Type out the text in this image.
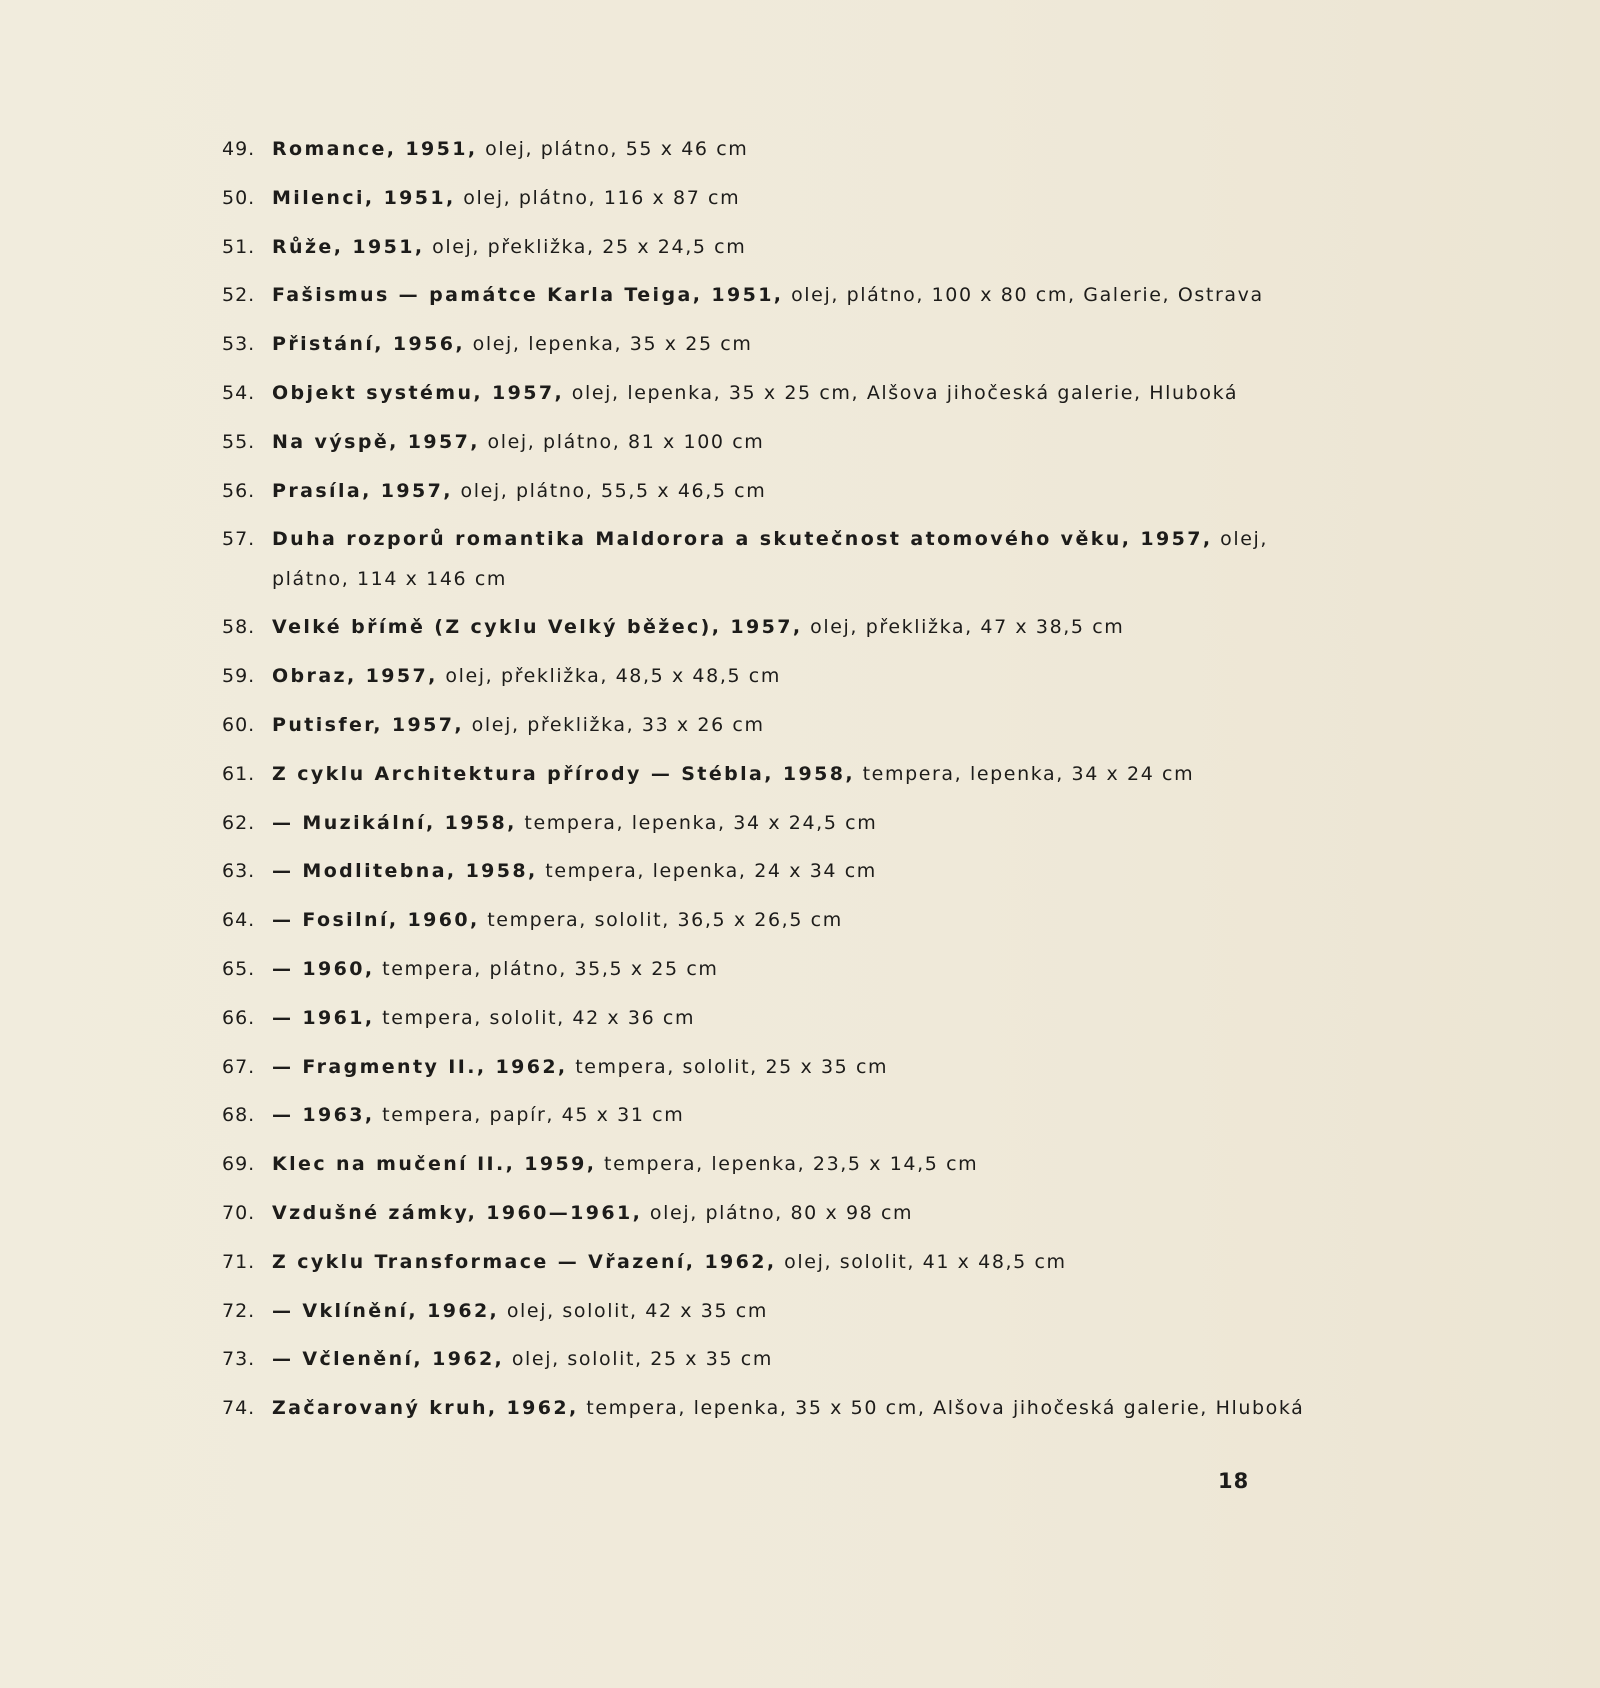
49. Romance, 1951, olej, plátno, 55 x 46 cm
50. Milenci, 1951, olej, plátno, 116 x 87 cm
51. Růže, 1951, olej, překližka, 25 x 24,5 cm
52. Fašismus — památce Karla Teiga, 1951, olej, plátno, 100 x 80 cm, Galerie, Ostrava
53. Přistání, 1956, olej, lepenka, 35 x 25 cm
54. Objekt systému, 1957, olej, lepenka, 35 x 25 cm, Alšova jihočeská galerie, Hluboká
55. Na výspě, 1957, olej, plátno, 81 x 100 cm
56. Prasíla, 1957, olej, plátno, 55,5 x 46,5 cm
57. Duha rozporů romantika Maldorora a skutečnost atomového věku, 1957, olej,
plátno, 114 x 146 cm
58. Velké břímě (Z cyklu Velký běžec), 1957, olej, překližka, 47 x 38,5 cm
59. Obraz, 1957, olej, překližka, 48,5 x 48,5 cm
60. Putisfer, 1957, olej, překližka, 33 x 26 cm
61. Z cyklu Architektura přírody — Stébla, 1958, tempera, lepenka, 34 x 24 cm
62. — Muzikální, 1958, tempera, lepenka, 34 x 24,5 cm
63. — Modlitebna, 1958, tempera, lepenka, 24 x 34 cm
64. — Fosilní, 1960, tempera, sololit, 36,5 x 26,5 cm
65. — 1960, tempera, plátno, 35,5 x 25 cm
66. — 1961, tempera, sololit, 42 x 36 cm
67. — Fragmenty II., 1962, tempera, sololit, 25 x 35 cm
68. — 1963, tempera, papír, 45 x 31 cm
69. Klec na mučení II., 1959, tempera, lepenka, 23,5 x 14,5 cm
70. Vzdušné zámky, 1960—1961, olej, plátno, 80 x 98 cm
71. Z cyklu Transformace — Vřazení, 1962, olej, sololit, 41 x 48,5 cm
72. — Vklínění, 1962, olej, sololit, 42 x 35 cm
73. — Včlenění, 1962, olej, sololit, 25 x 35 cm
74. Začarovaný kruh, 1962, tempera, lepenka, 35 x 50 cm, Alšova jihočeská galerie, Hluboká
18
